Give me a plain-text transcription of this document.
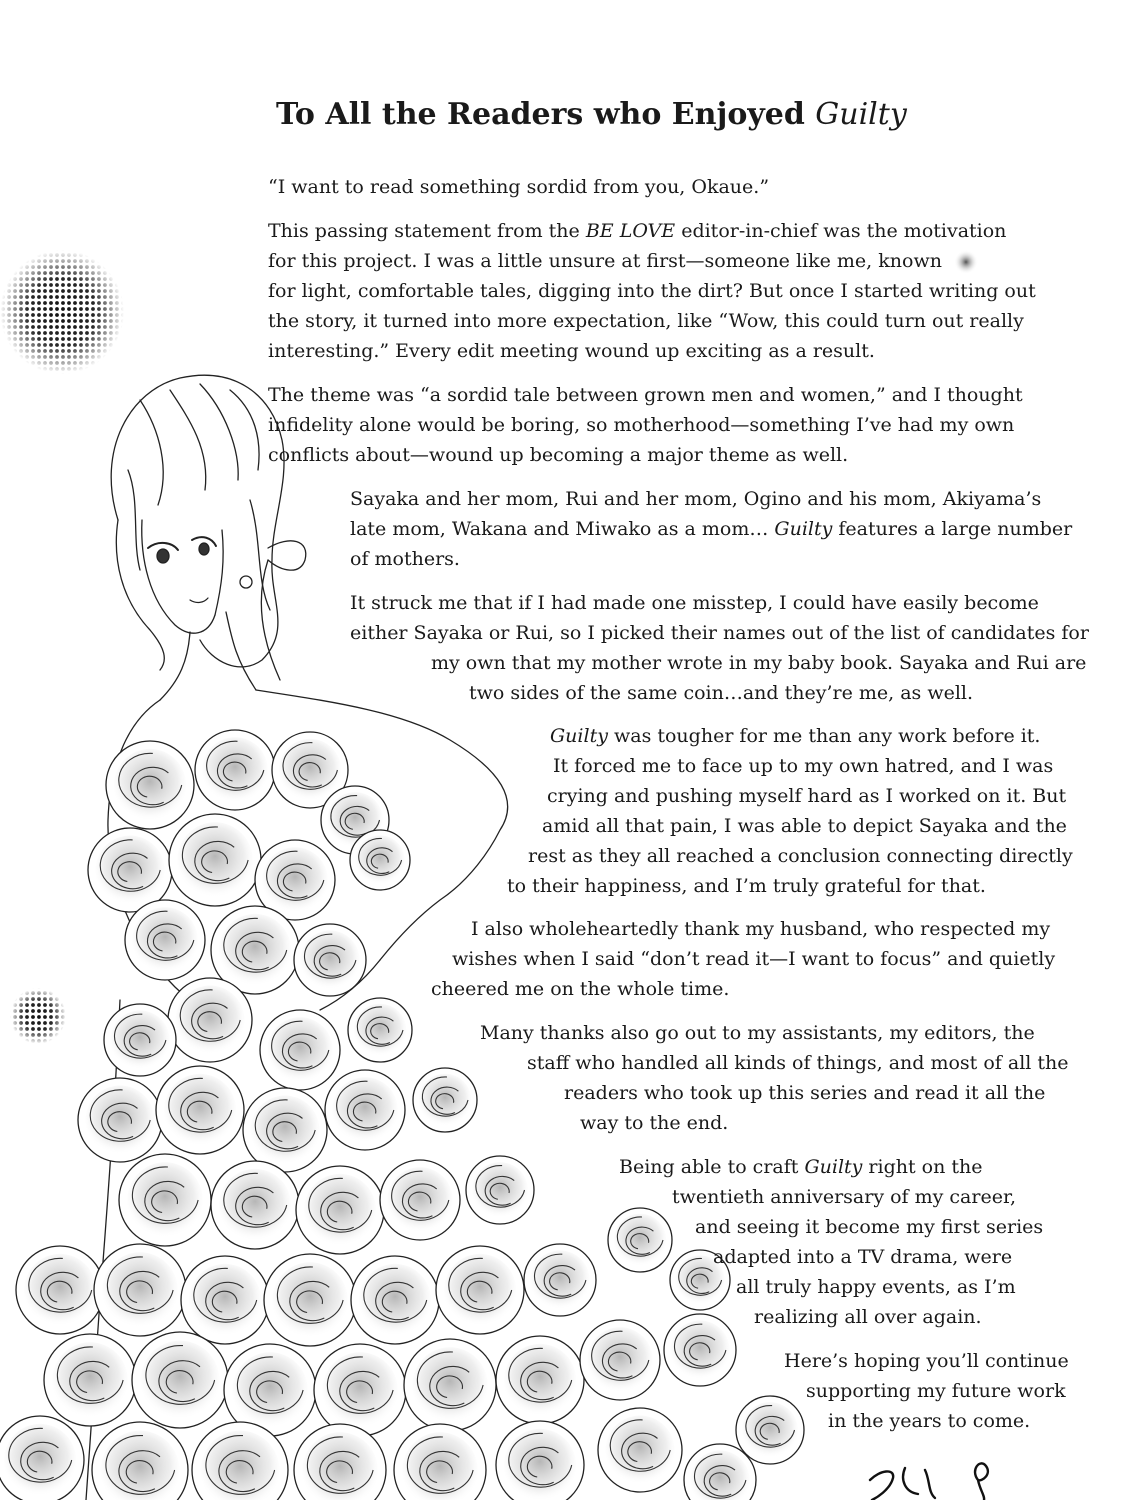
To All the Readers who Enjoyed Guilty
“I want to read something sordid from you, Okaue.”
This passing statement from the BE LOVE editor-in-chief was the motivation
for this project. I was a little unsure at first—someone like me, known
for light, comfortable tales, digging into the dirt? But once I started writing out
the story, it turned into more expectation, like “Wow, this could turn out really
interesting.” Every edit meeting wound up exciting as a result.
The theme was “a sordid tale between grown men and women,” and I thought
infidelity alone would be boring, so motherhood—something I’ve had my own
conflicts about—wound up becoming a major theme as well.
Sayaka and her mom, Rui and her mom, Ogino and his mom, Akiyama’s
late mom, Wakana and Miwako as a mom… Guilty features a large number
of mothers.
It struck me that if I had made one misstep, I could have easily become
either Sayaka or Rui, so I picked their names out of the list of candidates for
my own that my mother wrote in my baby book. Sayaka and Rui are
two sides of the same coin…and they’re me, as well.
Guilty was tougher for me than any work before it.
It forced me to face up to my own hatred, and I was
crying and pushing myself hard as I worked on it. But
amid all that pain, I was able to depict Sayaka and the
rest as they all reached a conclusion connecting directly
to their happiness, and I’m truly grateful for that.
I also wholeheartedly thank my husband, who respected my
wishes when I said “don’t read it—I want to focus” and quietly
cheered me on the whole time.
Many thanks also go out to my assistants, my editors, the
staff who handled all kinds of things, and most of all the
readers who took up this series and read it all the
way to the end.
Being able to craft Guilty right on the
twentieth anniversary of my career,
and seeing it become my first series
adapted into a TV drama, were
all truly happy events, as I’m
realizing all over again.
Here’s hoping you’ll continue
supporting my future work
in the years to come.
